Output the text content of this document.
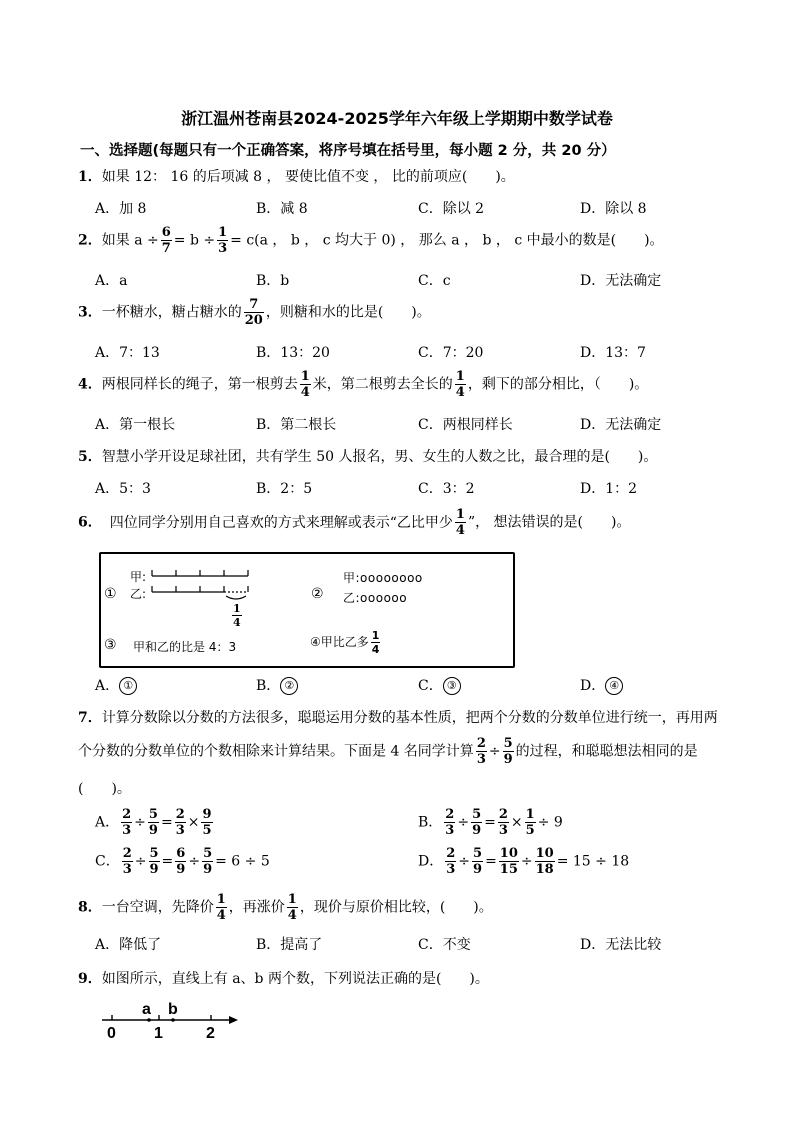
浙江温州苍南县2024-2025学年六年级上学期期中数学试卷
一、选择题(每题只有一个正确答案，将序号填在括号里，每小题 2 分，共 20 分）
1．如果 12： 16 的后项减 8 ， 要使比值不变 ， 比的前项应(　　)。
A．加 8	B．减 8	C．除以 2	D．除以 8
2．如果 $a \div \frac{6}{7} = b \div \frac{1}{3} = c(a$ ， b ， c 均大于 0) ， 那么 a ， b ， c 中最小的数是(　　)。
A．a	B．b	C．c	D．无法确定
3．一杯糖水，糖占糖水的 $\frac{7}{20}$ ，则糖和水的比是(　　)。
A．7：13	B．13：20	C．7：20	D．13：7
4．两根同样长的绳子，第一根剪去 $\frac{1}{4}$ 米，第二根剪去全长的 $\frac{1}{4}$ ，剩下的部分相比，（　　)。
A．第一根长	B．第二根长	C．两根同样长	D．无法确定
5．智慧小学开设足球社团，共有学生 50 人报名，男、女生的人数之比，最合理的是(　　)。
A．5：3	B．2：5	C．3：2	D．1：2
6． 四位同学分别用自己喜欢的方式来理解或表示“乙比甲少 $\frac{1}{4}$ ”， 想法错误的是(　　)。
①
甲:
乙:
$\frac{1}{4}$
②
甲:oooooooo
乙:oooooo
③ 甲和乙的比是 4：3	④甲比乙多 $\frac{1}{4}$
A． ①	B． ②	C． ③	D． ④
7．计算分数除以分数的方法很多，聪聪运用分数的基本性质，把两个分数的分数单位进行统一，再用两
个分数的分数单位的个数相除来计算结果。下面是 4 名同学计算 $\frac{2}{3} \div \frac{5}{9}$ 的过程，和聪聪想法相同的是
(　　)。
A． $\frac{2}{3} \div \frac{5}{9} = \frac{2}{3} \times \frac{9}{5}$	B． $\frac{2}{3} \div \frac{5}{9} = \frac{2}{3} \times \frac{1}{5} \div 9$
C． $\frac{2}{3} \div \frac{5}{9} = \frac{6}{9} \div \frac{5}{9} = 6 \div 5$	D． $\frac{2}{3} \div \frac{5}{9} = \frac{10}{15} \div \frac{10}{18} = 15 \div 18$
8．一台空调，先降价 $\frac{1}{4}$ ，再涨价 $\frac{1}{4}$ ，现价与原价相比较，(　　)。
A．降低了	B．提高了	C．不变	D．无法比较
9．如图所示，直线上有 a、b 两个数，下列说法正确的是(　　)。
a b
0 1	2
